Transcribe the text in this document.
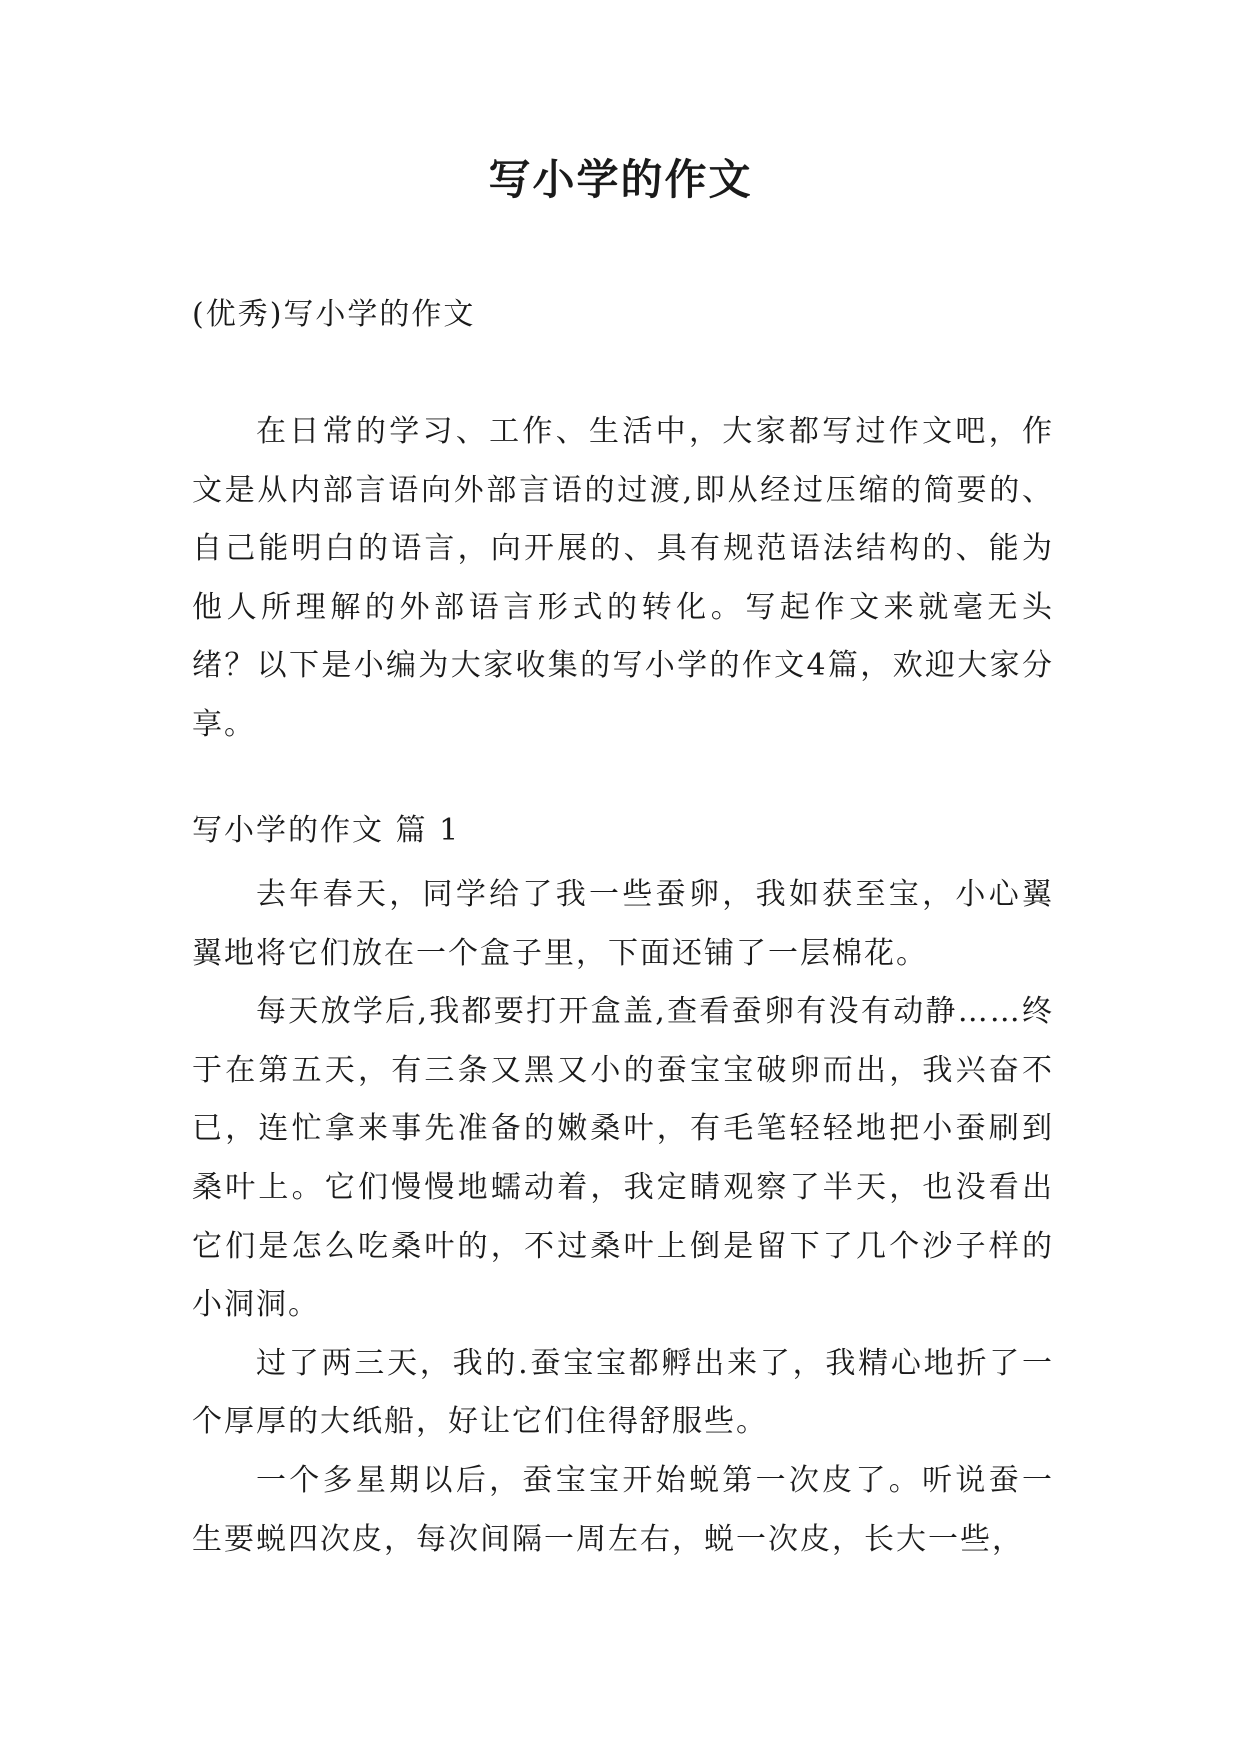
写小学的作文
(优秀)写小学的作文

在日常的学习、工作、生活中，大家都写过作文吧，作文是从内部言语向外部言语的过渡,即从经过压缩的简要的、自己能明白的语言，向开展的、具有规范语法结构的、能为他人所理解的外部语言形式的转化。写起作文来就毫无头绪？以下是小编为大家收集的写小学的作文4篇，欢迎大家分享。

写小学的作文 篇 1

去年春天，同学给了我一些蚕卵，我如获至宝，小心翼翼地将它们放在一个盒子里，下面还铺了一层棉花。

每天放学后,我都要打开盒盖,查看蚕卵有没有动静……终于在第五天，有三条又黑又小的蚕宝宝破卵而出，我兴奋不已，连忙拿来事先准备的嫩桑叶，有毛笔轻轻地把小蚕刷到桑叶上。它们慢慢地蠕动着，我定睛观察了半天，也没看出它们是怎么吃桑叶的，不过桑叶上倒是留下了几个沙子样的小洞洞。

过了两三天，我的.蚕宝宝都孵出来了，我精心地折了一个厚厚的大纸船，好让它们住得舒服些。

一个多星期以后，蚕宝宝开始蜕第一次皮了。听说蚕一生要蜕四次皮，每次间隔一周左右，蜕一次皮，长大一些，
